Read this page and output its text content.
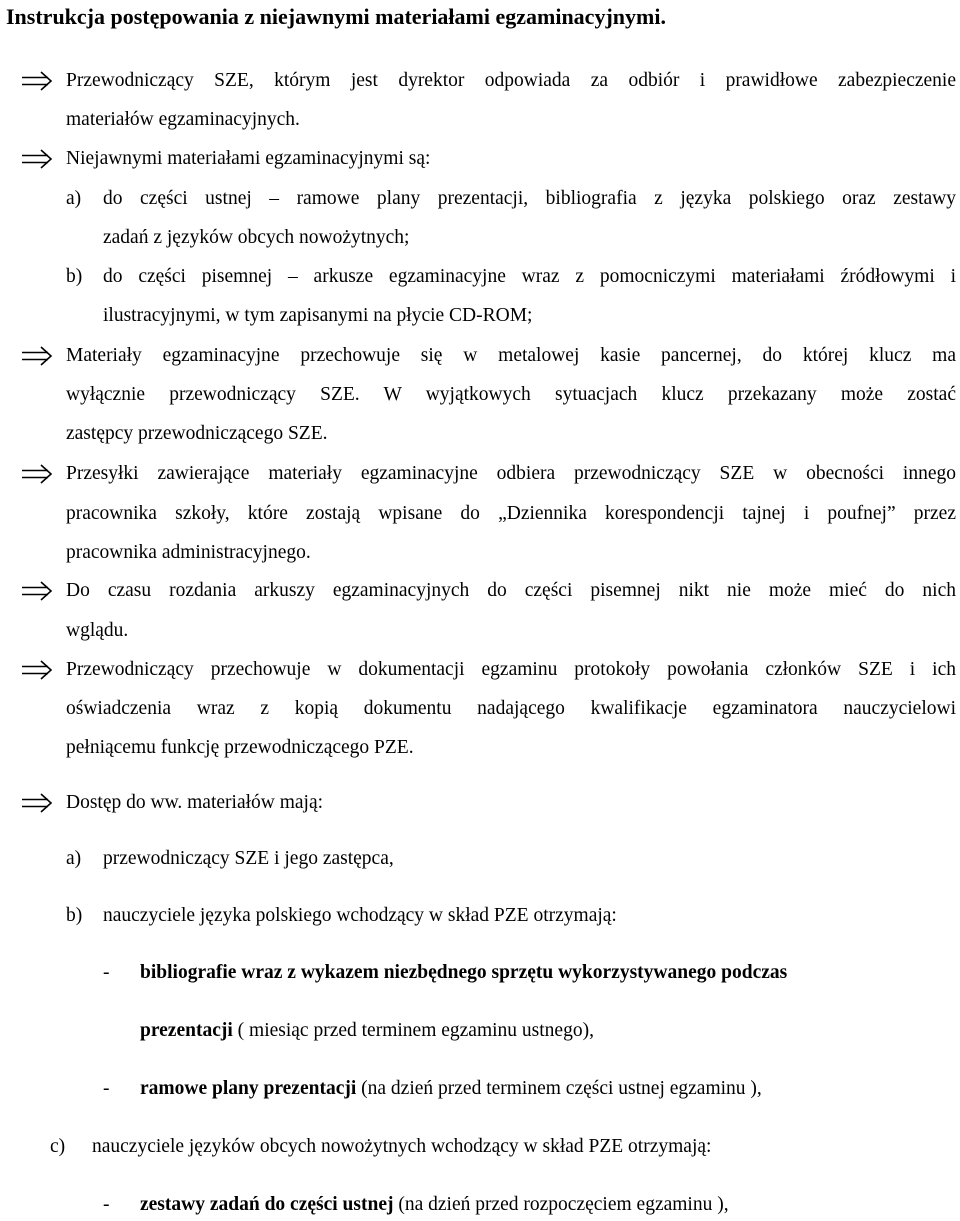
Instrukcja postępowania z niejawnymi materiałami egzaminacyjnymi.
Przewodniczący SZE, którym jest dyrektor odpowiada za odbiór i prawidłowe zabezpieczenie
materiałów egzaminacyjnych.
Niejawnymi materiałami egzaminacyjnymi są:
a) do części ustnej – ramowe plany prezentacji, bibliografia z języka polskiego oraz zestawy
zadań z języków obcych nowożytnych;
b) do części pisemnej – arkusze egzaminacyjne wraz z pomocniczymi materiałami źródłowymi i
ilustracyjnymi, w tym zapisanymi na płycie CD-ROM;
Materiały egzaminacyjne przechowuje się w metalowej kasie pancernej, do której klucz ma
wyłącznie przewodniczący SZE. W wyjątkowych sytuacjach klucz przekazany może zostać
zastępcy przewodniczącego SZE.
Przesyłki zawierające materiały egzaminacyjne odbiera przewodniczący SZE w obecności innego
pracownika szkoły, które zostają wpisane do „Dziennika korespondencji tajnej i poufnej” przez
pracownika administracyjnego.
Do czasu rozdania arkuszy egzaminacyjnych do części pisemnej nikt nie może mieć do nich
wglądu.
Przewodniczący przechowuje w dokumentacji egzaminu protokoły powołania członków SZE i ich
oświadczenia wraz z kopią dokumentu nadającego kwalifikacje egzaminatora nauczycielowi
pełniącemu funkcję przewodniczącego PZE.
Dostęp do ww. materiałów mają:
a) przewodniczący SZE i jego zastępca,
b) nauczyciele języka polskiego wchodzący w skład PZE otrzymają:
- bibliografie wraz z wykazem niezbędnego sprzętu wykorzystywanego podczas
prezentacji ( miesiąc przed terminem egzaminu ustnego),
- ramowe plany prezentacji (na dzień przed terminem części ustnej egzaminu ),
c) nauczyciele języków obcych nowożytnych wchodzący w skład PZE otrzymają:
- zestawy zadań do części ustnej (na dzień przed rozpoczęciem egzaminu ),
